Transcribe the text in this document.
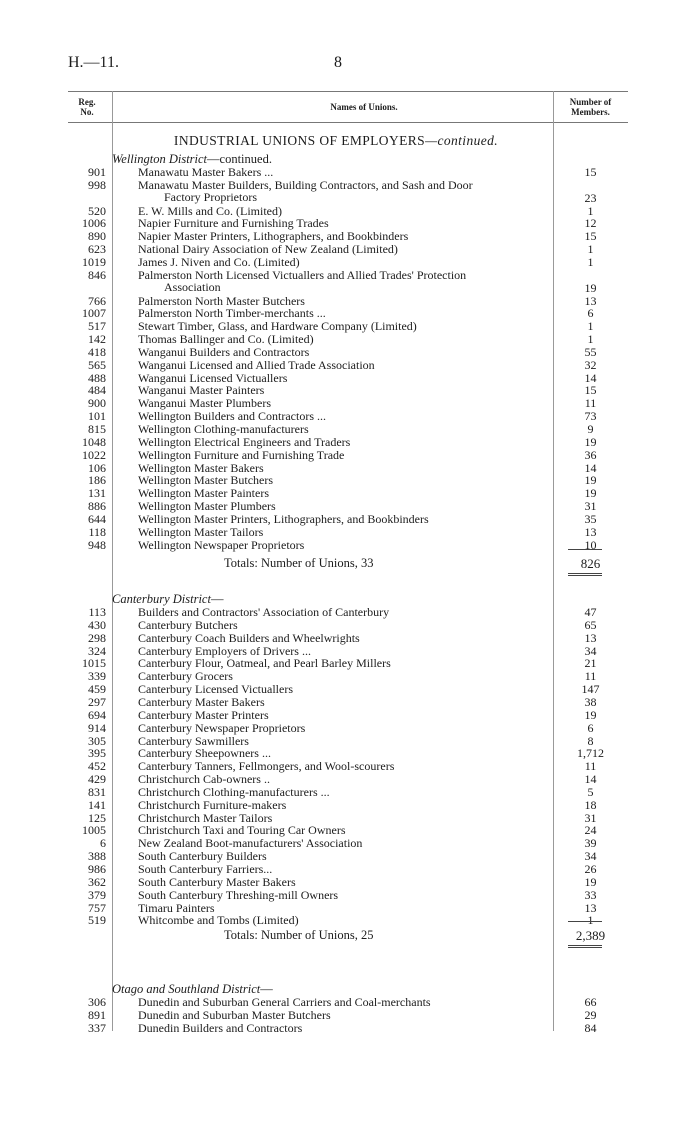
H.—11.	8
Reg.
No.	Names of Unions.	Number of
Members.
INDUSTRIAL UNIONS OF EMPLOYERS—continued.
Wellington District—continued.
901	Manawatu Master Bakers ...	15
998	Manawatu Master Builders, Building Contractors, and Sash and Door
Factory Proprietors	23
520	E. W. Mills and Co. (Limited)	1
1006	Napier Furniture and Furnishing Trades	12
890	Napier Master Printers, Lithographers, and Bookbinders	15
623	National Dairy Association of New Zealand (Limited)	1
1019	James J. Niven and Co. (Limited)	1
846	Palmerston North Licensed Victuallers and Allied Trades' Protection
Association	19
766	Palmerston North Master Butchers	13
1007	Palmerston North Timber-merchants ...	6
517	Stewart Timber, Glass, and Hardware Company (Limited)	1
142	Thomas Ballinger and Co. (Limited)	1
418	Wanganui Builders and Contractors	55
565	Wanganui Licensed and Allied Trade Association	32
488	Wanganui Licensed Victuallers	14
484	Wanganui Master Painters	15
900	Wanganui Master Plumbers	11
101	Wellington Builders and Contractors ...	73
815	Wellington Clothing-manufacturers	9
1048	Wellington Electrical Engineers and Traders	19
1022	Wellington Furniture and Furnishing Trade	36
106	Wellington Master Bakers	14
186	Wellington Master Butchers	19
131	Wellington Master Painters	19
886	Wellington Master Plumbers	31
644	Wellington Master Printers, Lithographers, and Bookbinders	35
118	Wellington Master Tailors	13
948	Wellington Newspaper Proprietors	10
Totals: Number of Unions, 33	826
Canterbury District—
113	Builders and Contractors' Association of Canterbury	47
430	Canterbury Butchers	65
298	Canterbury Coach Builders and Wheelwrights	13
324	Canterbury Employers of Drivers ...	34
1015	Canterbury Flour, Oatmeal, and Pearl Barley Millers	21
339	Canterbury Grocers	11
459	Canterbury Licensed Victuallers	147
297	Canterbury Master Bakers	38
694	Canterbury Master Printers	19
914	Canterbury Newspaper Proprietors	6
305	Canterbury Sawmillers	8
395	Canterbury Sheepowners ...	1,712
452	Canterbury Tanners, Fellmongers, and Wool-scourers	11
429	Christchurch Cab-owners ..	14
831	Christchurch Clothing-manufacturers ...	5
141	Christchurch Furniture-makers	18
125	Christchurch Master Tailors	31
1005	Christchurch Taxi and Touring Car Owners	24
6	New Zealand Boot-manufacturers' Association	39
388	South Canterbury Builders	34
986	South Canterbury Farriers...	26
362	South Canterbury Master Bakers	19
379	South Canterbury Threshing-mill Owners	33
757	Timaru Painters	13
519	Whitcombe and Tombs (Limited)	1
Totals: Number of Unions, 25	2,389
Otago and Southland District—
306	Dunedin and Suburban General Carriers and Coal-merchants	66
891	Dunedin and Suburban Master Butchers	29
337	Dunedin Builders and Contractors	84
